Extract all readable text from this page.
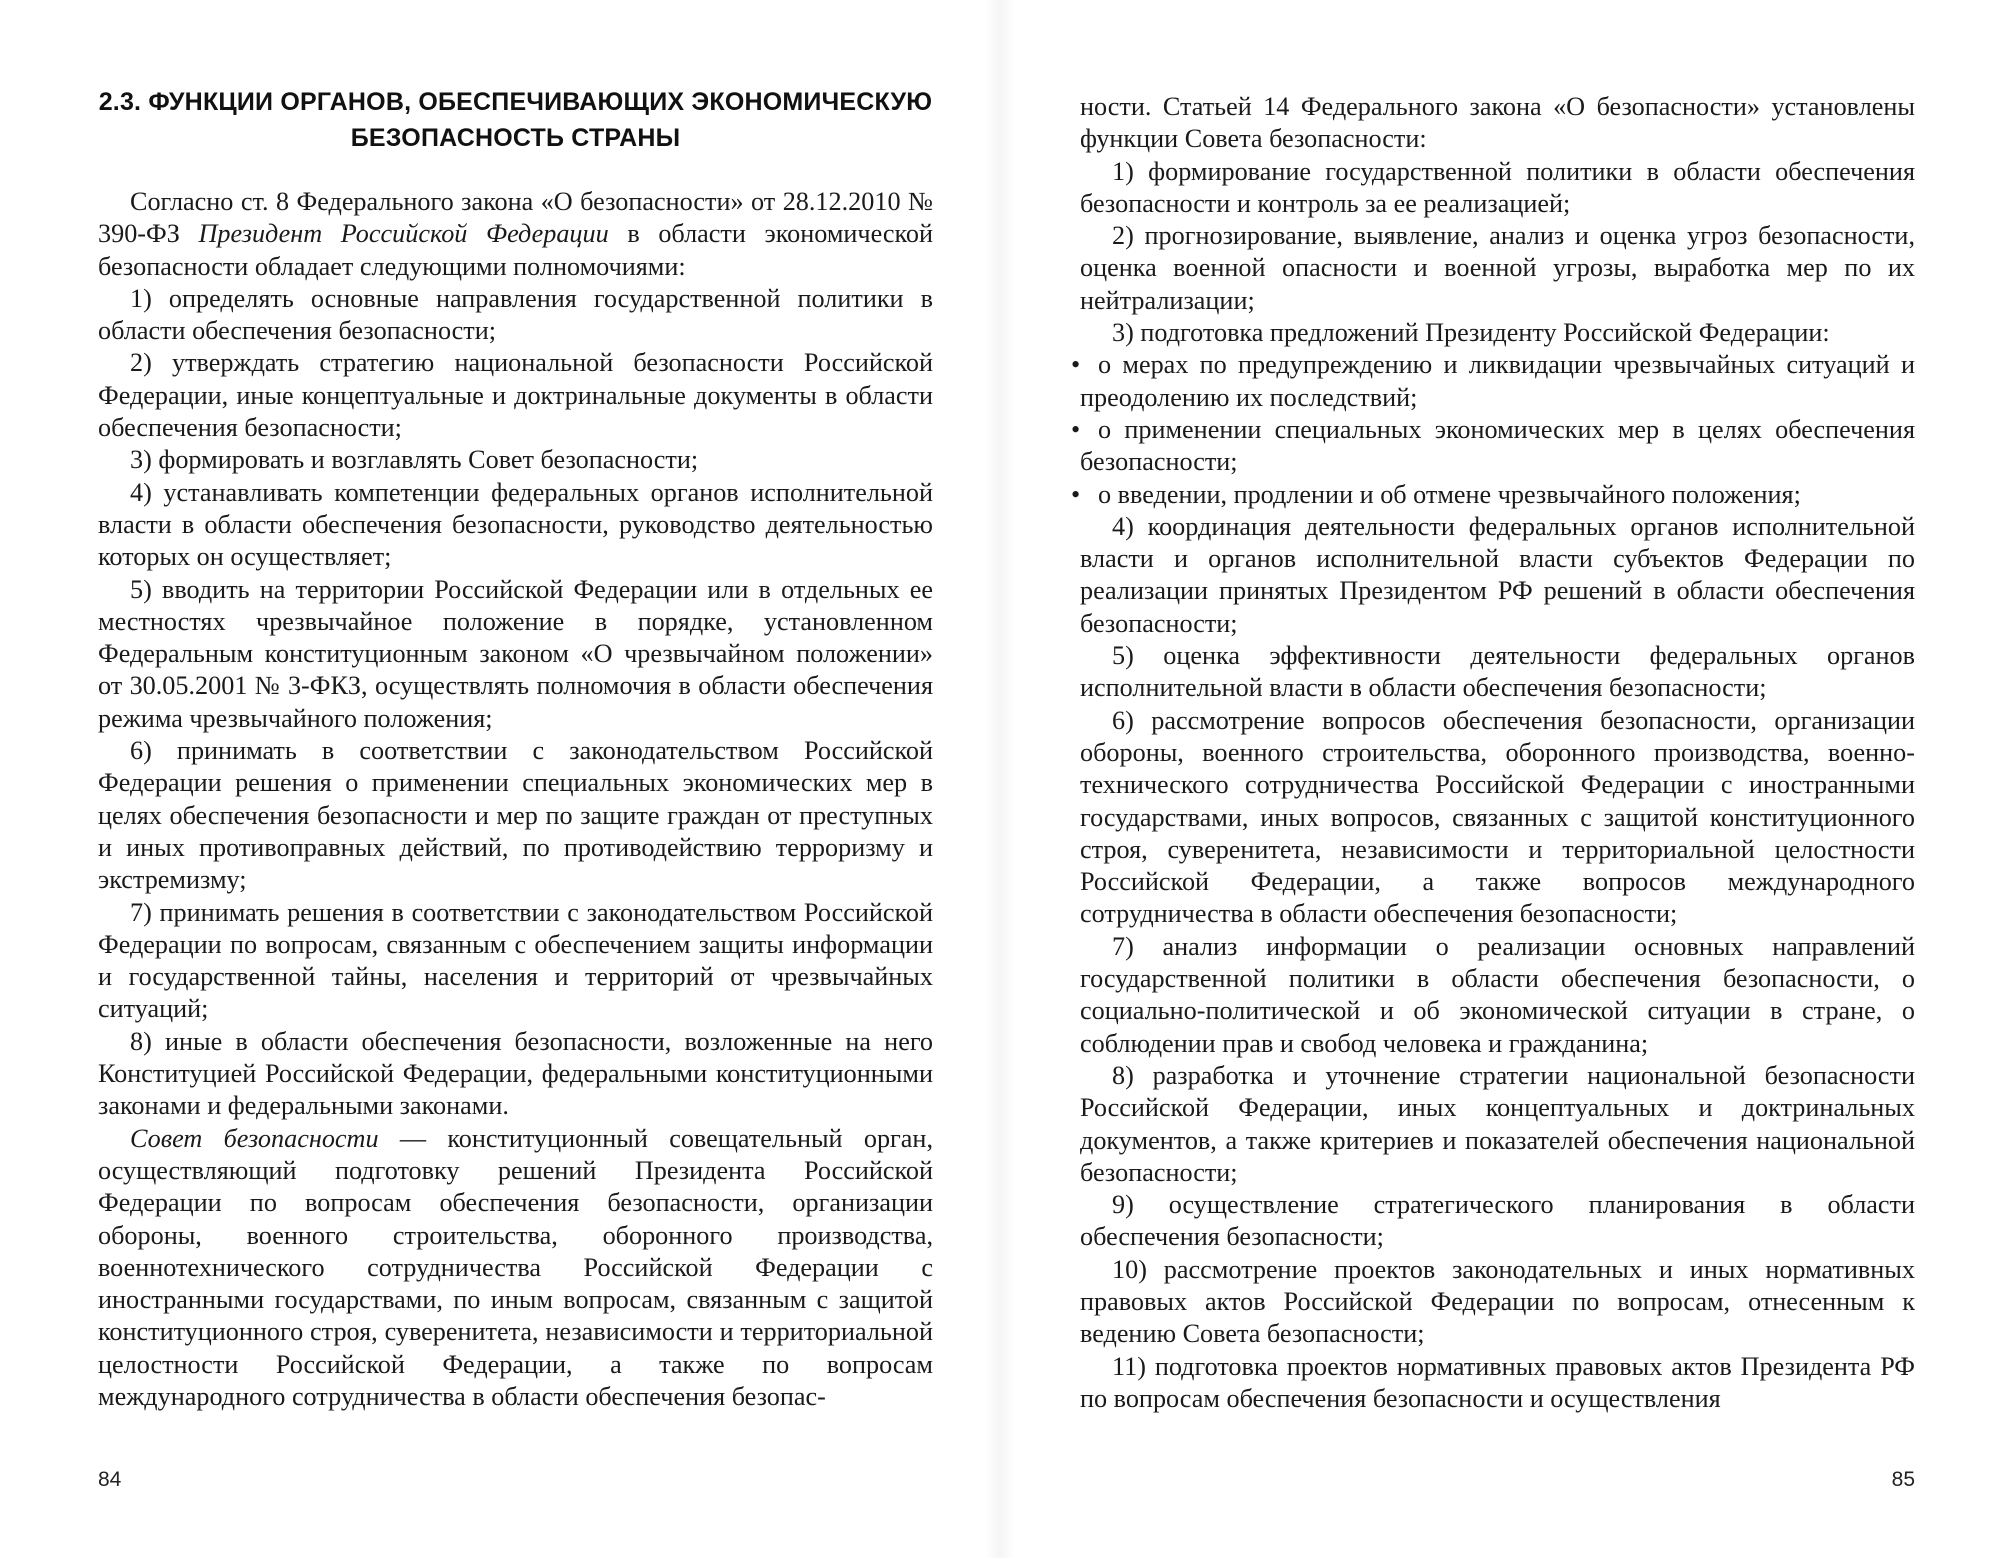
2.3. ФУНКЦИИ ОРГАНОВ, ОБЕСПЕЧИВАЮЩИХ ЭКОНОМИЧЕСКУЮ
БЕЗОПАСНОСТЬ СТРАНЫ

Согласно ст. 8 Федерального закона «О безопасности» от 28.12.2010 № 390-ФЗ Президент Российской Федерации в области экономической безопасности обладает следующими полномочиями:

1) определять основные направления государственной политики в области обеспечения безопасности;

2) утверждать стратегию национальной безопасности Российской Федерации, иные концептуальные и доктринальные документы в области обеспечения безопасности;

3) формировать и возглавлять Совет безопасности;

4) устанавливать компетенции федеральных органов исполнительной власти в области обеспечения безопасности, руководство деятельностью которых он осуществляет;

5) вводить на территории Российской Федерации или в отдельных ее местностях чрезвычайное положение в порядке, установленном Федеральным конституционным законом «О чрезвычайном положении» от 30.05.2001 № 3-ФКЗ, осуществлять полномочия в области обеспечения режима чрезвычайного положения;

6) принимать в соответствии с законодательством Российской Федерации решения о применении специальных экономических мер в целях обеспечения безопасности и мер по защите граждан от преступных и иных противоправных действий, по противодействию терроризму и экстремизму;

7) принимать решения в соответствии с законодательством Российской Федерации по вопросам, связанным с обеспечением защиты информации и государственной тайны, населения и территорий от чрезвычайных ситуаций;

8) иные в области обеспечения безопасности, возложенные на него Конституцией Российской Федерации, федеральными конституционными законами и федеральными законами.

Совет безопасности — конституционный совещательный орган, осуществляющий подготовку решений Президента Российской Федерации по вопросам обеспечения безопасности, организации обороны, военного строительства, оборонного производства, военнотехнического сотрудничества Российской Федерации с иностранными государствами, по иным вопросам, связанным с защитой конституционного строя, суверенитета, независимости и территориальной целостности Российской Федерации, а также по вопросам международного сотрудничества в области обеспечения безопас-

84

ности. Статьей 14 Федерального закона «О безопасности» установлены функции Совета безопасности:

1) формирование государственной политики в области обеспечения безопасности и контроль за ее реализацией;

2) прогнозирование, выявление, анализ и оценка угроз безопасности, оценка военной опасности и военной угрозы, выработка мер по их нейтрализации;

3) подготовка предложений Президенту Российской Федерации:

• о мерах по предупреждению и ликвидации чрезвычайных ситуаций и преодолению их последствий;

• о применении специальных экономических мер в целях обеспечения безопасности;

• о введении, продлении и об отмене чрезвычайного положения;

4) координация деятельности федеральных органов исполнительной власти и органов исполнительной власти субъектов Федерации по реализации принятых Президентом РФ решений в области обеспечения безопасности;

5) оценка эффективности деятельности федеральных органов исполнительной власти в области обеспечения безопасности;

6) рассмотрение вопросов обеспечения безопасности, организации обороны, военного строительства, оборонного производства, военно-технического сотрудничества Российской Федерации с иностранными государствами, иных вопросов, связанных с защитой конституционного строя, суверенитета, независимости и территориальной целостности Российской Федерации, а также вопросов международного сотрудничества в области обеспечения безопасности;

7) анализ информации о реализации основных направлений государственной политики в области обеспечения безопасности, о социально-политической и об экономической ситуации в стране, о соблюдении прав и свобод человека и гражданина;

8) разработка и уточнение стратегии национальной безопасности Российской Федерации, иных концептуальных и доктринальных документов, а также критериев и показателей обеспечения национальной безопасности;

9) осуществление стратегического планирования в области обеспечения безопасности;

10) рассмотрение проектов законодательных и иных нормативных правовых актов Российской Федерации по вопросам, отнесенным к ведению Совета безопасности;

11) подготовка проектов нормативных правовых актов Президента РФ по вопросам обеспечения безопасности и осуществления

85
